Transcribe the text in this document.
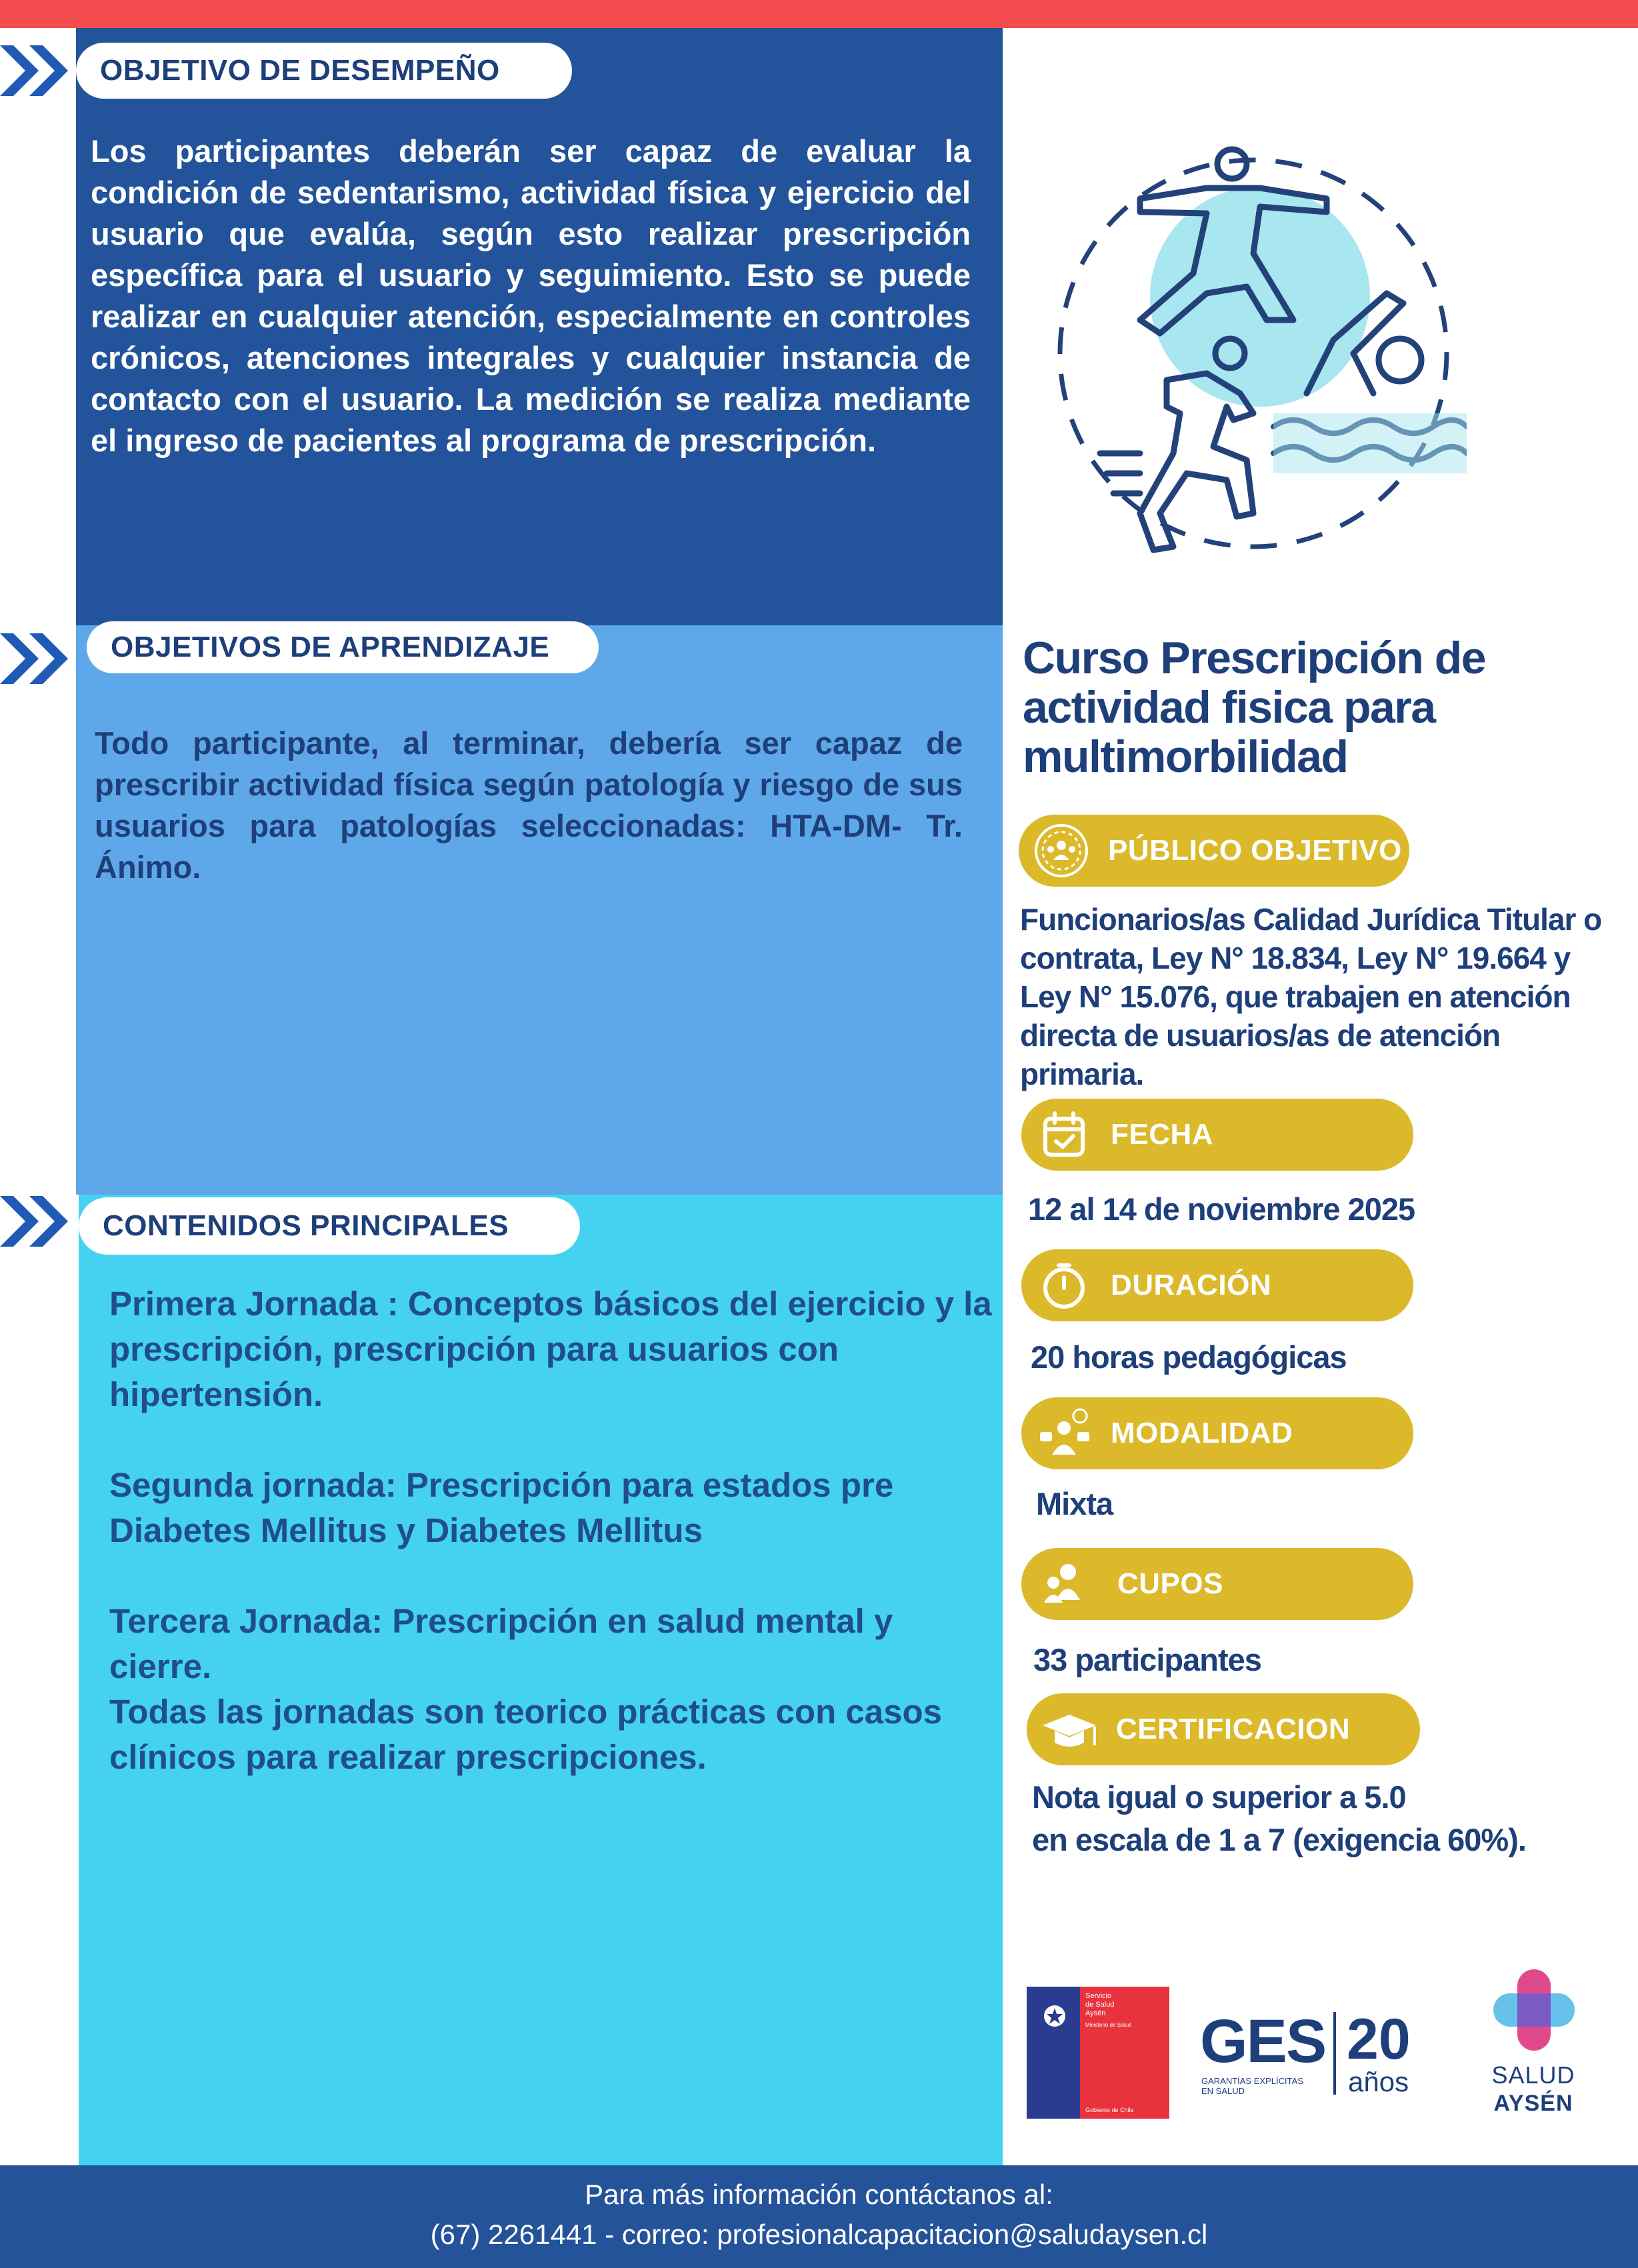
OBJETIVO DE DESEMPEÑO
Los participantes deberán ser capaz de evaluar la condición de sedentarismo, actividad física y ejercicio del usuario que evalúa, según esto realizar prescripción específica para el usuario y seguimiento. Esto se puede realizar en cualquier atención, especialmente en controles crónicos, atenciones integrales y cualquier instancia de contacto con el usuario. La medición se realiza mediante el ingreso de pacientes al programa de prescripción.
OBJETIVOS DE APRENDIZAJE
Todo participante, al terminar, debería ser capaz de prescribir actividad física según patología y riesgo de sus usuarios para patologías seleccionadas: HTA-DM- Tr. Ánimo.
CONTENIDOS PRINCIPALES

Primera Jornada : Conceptos básicos del ejercicio y la prescripción, prescripción para usuarios con hipertensión.

Segunda jornada: Prescripción para estados pre Diabetes Mellitus y Diabetes Mellitus

Tercera Jornada: Prescripción en salud mental y cierre.
Todas las jornadas son teorico prácticas con casos clínicos para realizar prescripciones.
Curso Prescripción de actividad fisica para multimorbilidad
PÚBLICO OBJETIVO
Funcionarios/as Calidad Jurídica Titular o contrata, Ley N° 18.834, Ley N° 19.664 y Ley N° 15.076, que trabajen en atención directa de usuarios/as de atención primaria.
FECHA
12 al 14 de noviembre 2025
DURACIÓN
20 horas pedagógicas
MODALIDAD
Mixta
CUPOS
33 participantes
CERTIFICACION
Nota igual o superior a 5.0
en escala de 1 a 7 (exigencia 60%).
Servicio
de Salud
Aysén
Ministerio de Salud
Gobierno de Chile
GES
GARANTÍAS EXPLÍCITAS
EN SALUD
20
años	SALUD
AYSÉN
Para más información contáctanos al:
(67) 2261441 - correo: profesionalcapacitacion@saludaysen.cl
